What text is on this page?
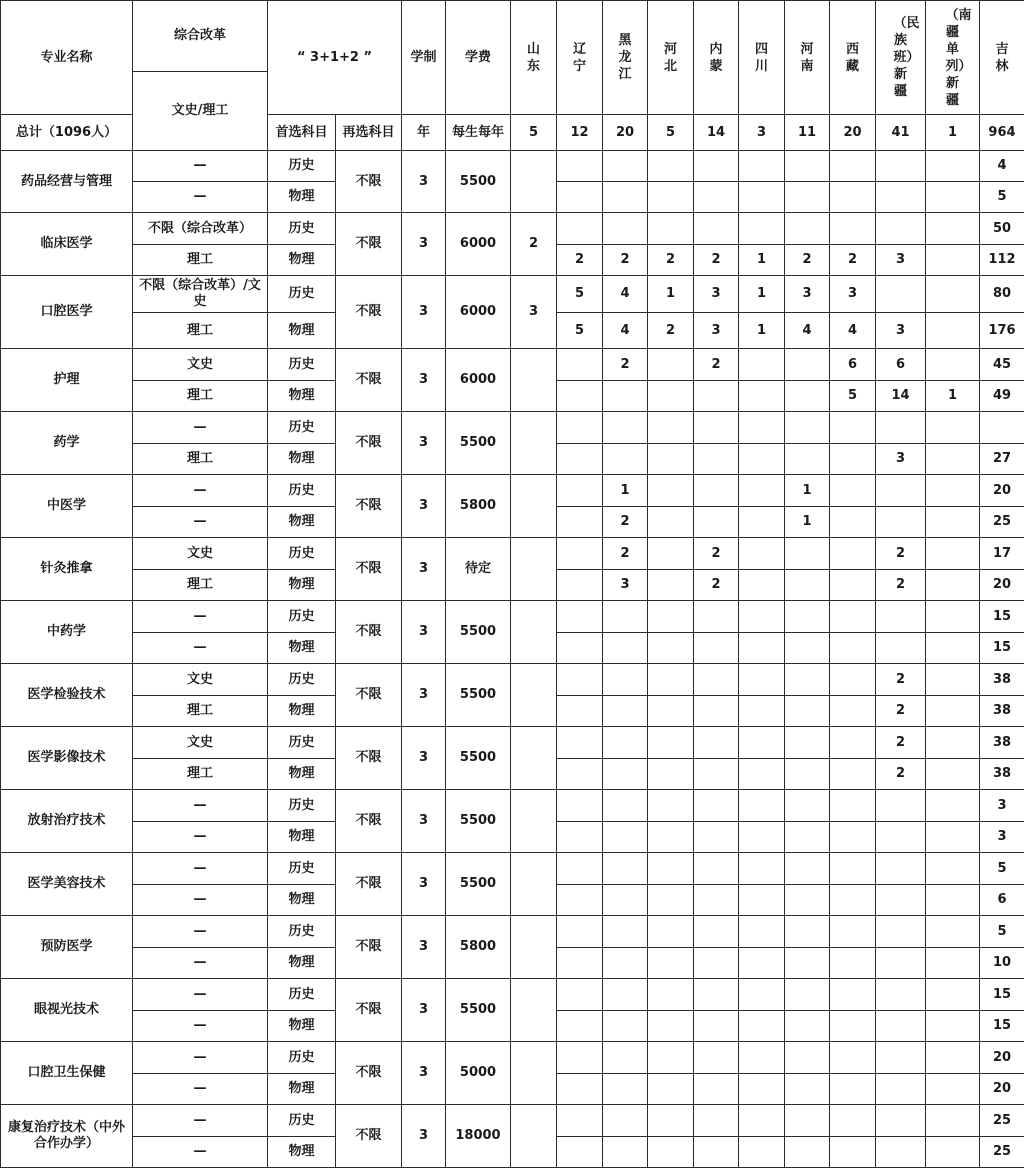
专业名称	综合改革	“ 3+1+2 ”		学制	学费	山东	辽宁	黑龙江	河北	内蒙	四川	河南	西藏	（民族班）新疆	（南疆单列）新疆	吉林
	文史/理工															
总计（1096人）		首选科目	再选科目	年	每生每年	5	12	20	5	14	3	11	20	41	1	964
药品经营与管理	—	历史	不限	3	5500											4
	—	物理														5
临床医学	不限（综合改革）	历史	不限	3	6000	2										50
	理工	物理					2	2	2	2	1	2	2	3		112
口腔医学	不限（综合改革）/文史	历史	不限	3	6000	3	5	4	1	3	1	3	3			80
	理工	物理					5	4	2	3	1	4	4	3		176
护理	文史	历史	不限	3	6000			2		2			6	6		45
	理工	物理											5	14	1	49
药学	—	历史	不限	3	5500											
	理工	物理												3		27
中医学	—	历史	不限	3	5800			1				1				20
	—	物理						2				1				25
针灸推拿	文史	历史	不限	3	待定			2		2				2		17
	理工	物理						3		2				2		20
中药学	—	历史	不限	3	5500											15
	—	物理														15
医学检验技术	文史	历史	不限	3	5500									2		38
	理工	物理												2		38
医学影像技术	文史	历史	不限	3	5500									2		38
	理工	物理												2		38
放射治疗技术	—	历史	不限	3	5500											3
	—	物理														3
医学美容技术	—	历史	不限	3	5500											5
	—	物理														6
预防医学	—	历史	不限	3	5800											5
	—	物理														10
眼视光技术	—	历史	不限	3	5500											15
	—	物理														15
口腔卫生保健	—	历史	不限	3	5000											20
	—	物理														20
康复治疗技术（中外合作办学）	—	历史	不限	3	18000											25
	—	物理														25
